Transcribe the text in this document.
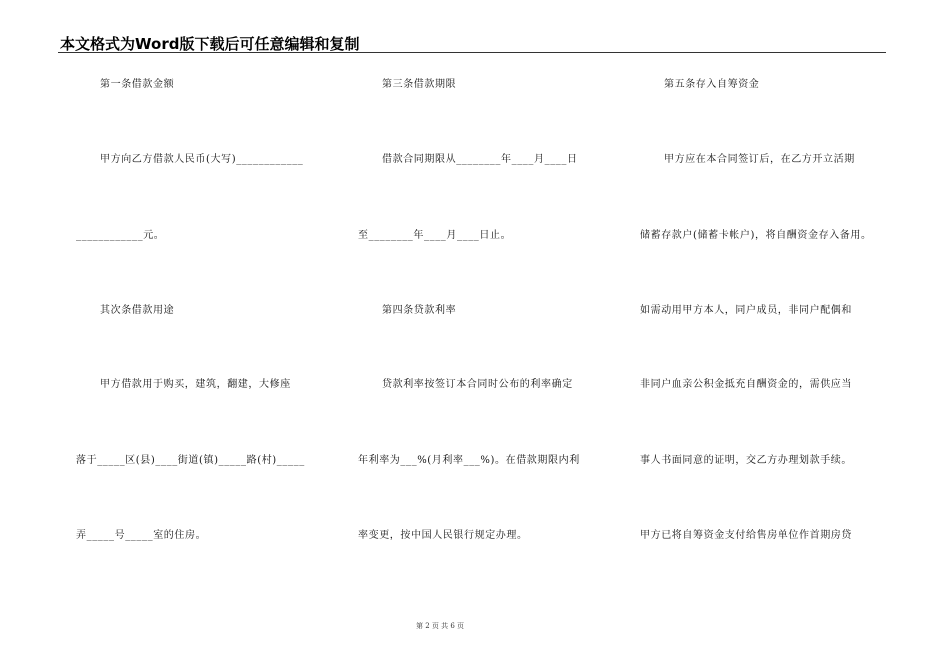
本文格式为Word版下载后可任意编辑和复制
第一条借款金额
甲方向乙方借款人民币(大写)____________
____________元。
其次条借款用途
甲方借款用于购买，建筑，翻建，大修座
落于_____区(县)____街道(镇)_____路(村)_____
弄_____号_____室的住房。
第三条借款期限
借款合同期限从________年____月____日
至________年____月____日止。
第四条贷款利率
贷款利率按签订本合同时公布的利率确定
年利率为___%(月利率___%)。在借款期限内利
率变更，按中国人民银行规定办理。
第五条存入自筹资金
甲方应在本合同签订后，在乙方开立活期
储蓄存款户(储蓄卡帐户)，将自酬资金存入备用。
如需动用甲方本人，同户成员，非同户配偶和
非同户血亲公积金抵充自酬资金的，需供应当
事人书面同意的证明，交乙方办理划款手续。
甲方已将自筹资金支付给售房单位作首期房贷
第 2 页 共 6 页
